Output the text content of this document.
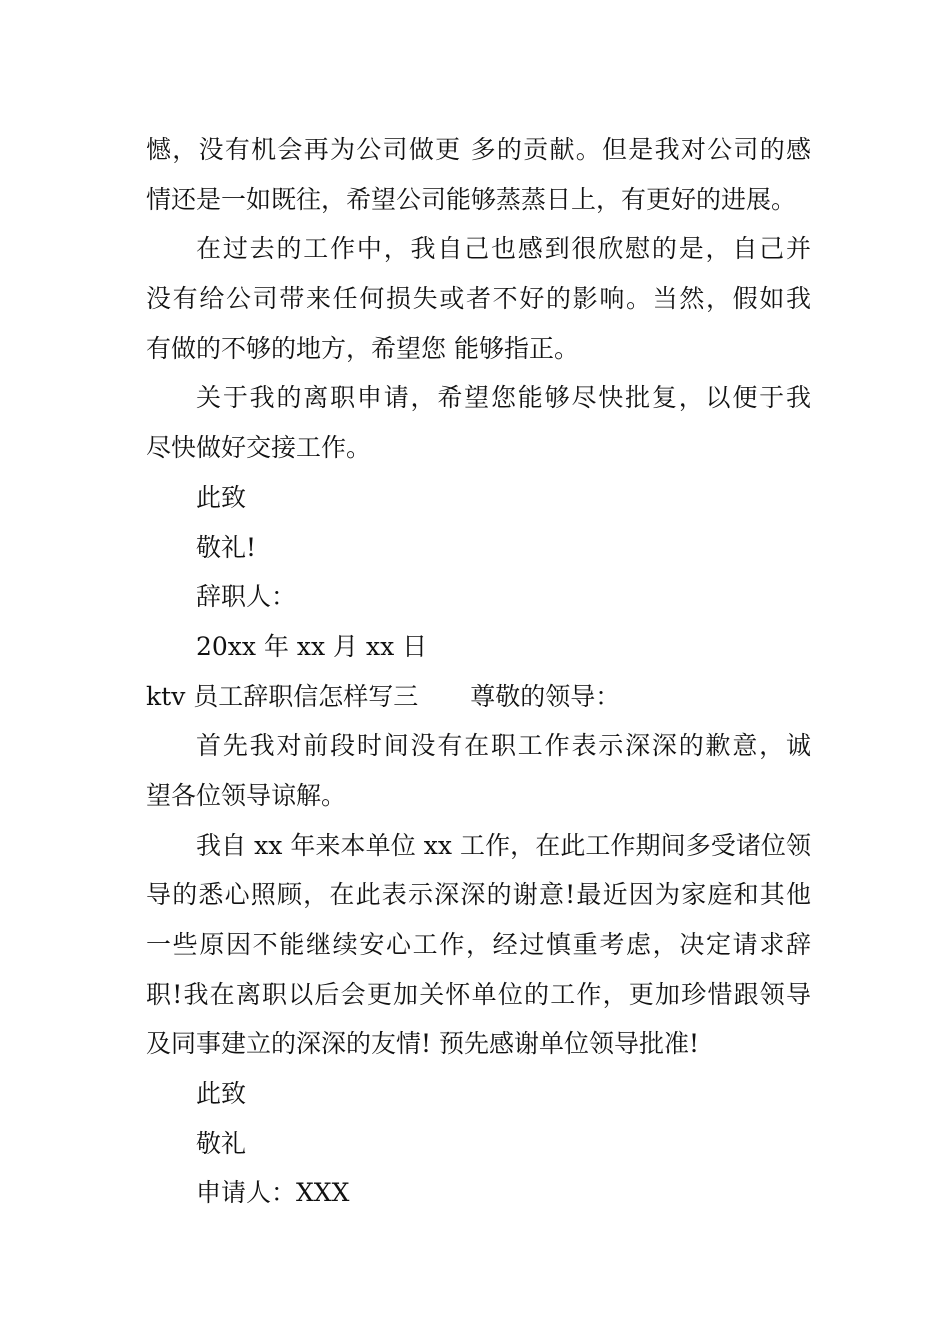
憾，没有机会再为公司做更 多的贡献。但是我对公司的感
情还是一如既往，希望公司能够蒸蒸日上，有更好的进展。
在过去的工作中，我自己也感到很欣慰的是，自己并
没有给公司带来任何损失或者不好的影响。当然，假如我
有做的不够的地方，希望您 能够指正。
关于我的离职申请，希望您能够尽快批复，以便于我
尽快做好交接工作。
此致
敬礼!
辞职人：
20xx 年 xx 月 xx 日
ktv 员工辞职信怎样写三 尊敬的领导：
首先我对前段时间没有在职工作表示深深的歉意，诚
望各位领导谅解。
我自 xx 年来本单位 xx 工作，在此工作期间多受诸位领
导的悉心照顾，在此表示深深的谢意!最近因为家庭和其他
一些原因不能继续安心工作，经过慎重考虑，决定请求辞
职!我在离职以后会更加关怀单位的工作，更加珍惜跟领导
及同事建立的深深的友情! 预先感谢单位领导批准!
此致
敬礼
申请人：XXX
